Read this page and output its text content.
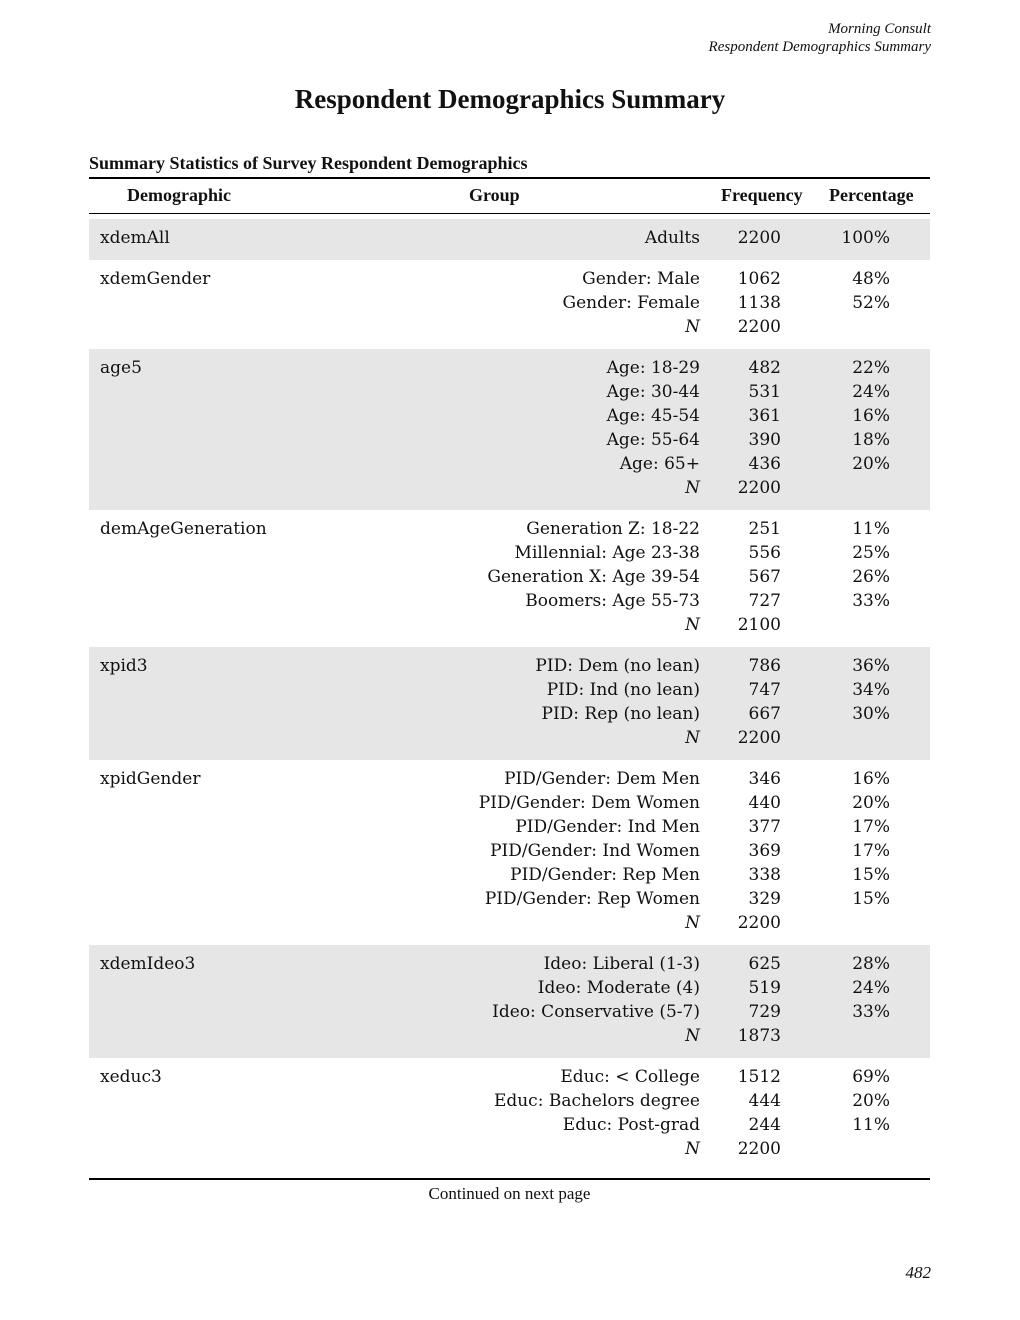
Morning Consult
Respondent Demographics Summary
Respondent Demographics Summary
Summary Statistics of Survey Respondent Demographics
Demographic	Group	Frequency Percentage
xdemAll	Adults 2200	100%
xdemGender	Gender: Male 1062	48%
Gender: Female 1138	52%
N 2200
age5	Age: 18-29	482	22%
Age: 30-44	531	24%
Age: 45-54	361	16%
Age: 55-64	390	18%
Age: 65+	436	20%
N 2200
demAgeGeneration	Generation Z: 18-22	251	11%
Millennial: Age 23-38	556	25%
Generation X: Age 39-54	567	26%
Boomers: Age 55-73	727	33%
N 2100
xpid3	PID: Dem (no lean)	786	36%
PID: Ind (no lean)	747	34%
PID: Rep (no lean)	667	30%
N 2200
xpidGender	PID/Gender: Dem Men	346	16%
PID/Gender: Dem Women	440	20%
PID/Gender: Ind Men	377	17%
PID/Gender: Ind Women	369	17%
PID/Gender: Rep Men	338	15%
PID/Gender: Rep Women	329	15%
N 2200
xdemIdeo3	Ideo: Liberal (1-3)	625	28%
Ideo: Moderate (4)	519	24%
Ideo: Conservative (5-7)	729	33%
N 1873
xeduc3	Educ: < College 1512	69%
Educ: Bachelors degree	444	20%
Educ: Post-grad	244	11%
N 2200
Continued on next page
482
